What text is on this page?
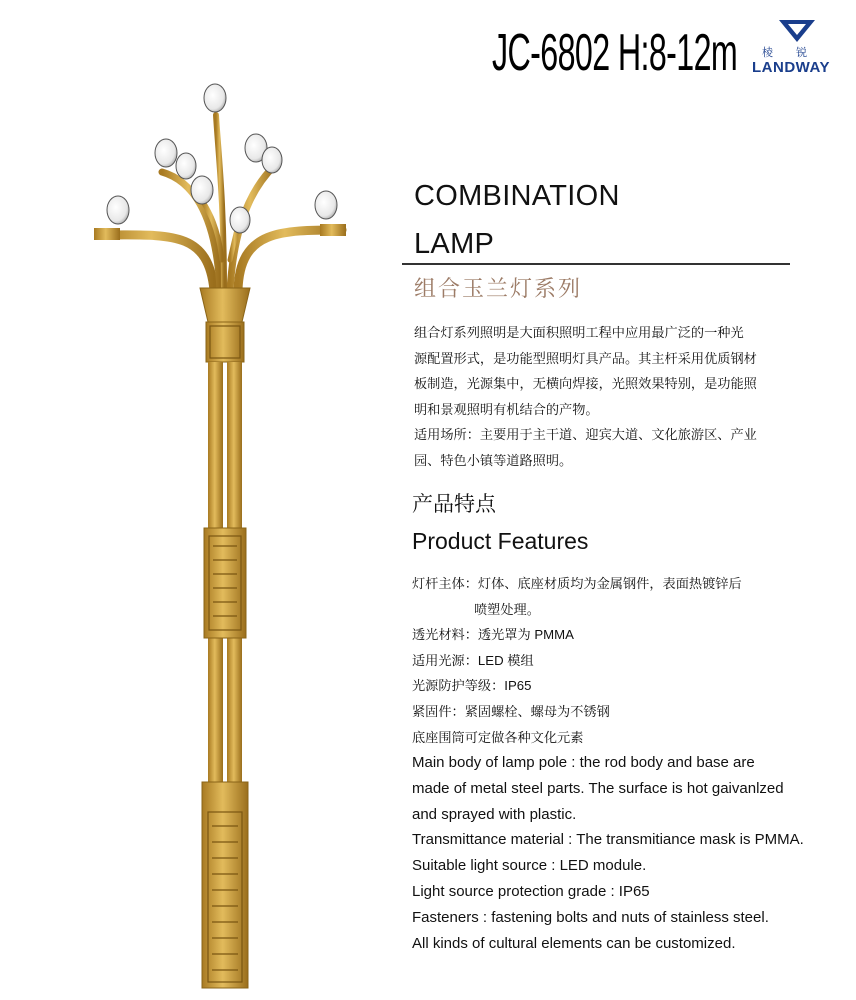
JC-6802 H:8-12m 棱 锐
LANDWAY
COMBINATION
LAMP
组合玉兰灯系列
组合灯系列照明是大面积照明工程中应用最广泛的一种光
源配置形式，是功能型照明灯具产品。其主杆采用优质钢材
板制造，光源集中，无横向焊接，光照效果特别，是功能照
明和景观照明有机结合的产物。
适用场所：主要用于主干道、迎宾大道、文化旅游区、产业
园、特色小镇等道路照明。
产品特点
Product Features
灯杆主体：灯体、底座材质均为金属钢件，表面热镀锌后
喷塑处理。
透光材料：透光罩为 PMMA
适用光源：LED 模组
光源防护等级：IP65
紧固件：紧固螺栓、螺母为不锈钢
底座围筒可定做各种文化元素
Main body of lamp pole : the rod body and base are
made of metal steel parts. The surface is hot gaivanlzed
and sprayed with plastic.
Transmittance material : The transmitiance mask is PMMA.
Suitable light source : LED module.
Light source protection grade : IP65
Fasteners : fastening bolts and nuts of stainless steel.
All kinds of cultural elements can be customized.
